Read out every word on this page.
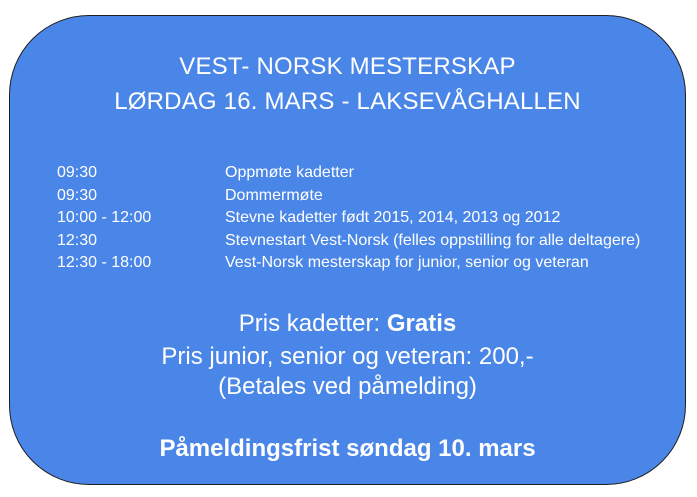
VEST- NORSK MESTERSKAP
LØRDAG 16. MARS - LAKSEVÅGHALLEN
09:30	Oppmøte kadetter
09:30	Dommermøte
10:00 - 12:00	Stevne kadetter født 2015, 2014, 2013 og 2012
12:30	Stevnestart Vest-Norsk (felles oppstilling for alle deltagere)
12:30 - 18:00	Vest-Norsk mesterskap for junior, senior og veteran
Pris kadetter: Gratis
Pris junior, senior og veteran: 200,-
(Betales ved påmelding)
Påmeldingsfrist søndag 10. mars
